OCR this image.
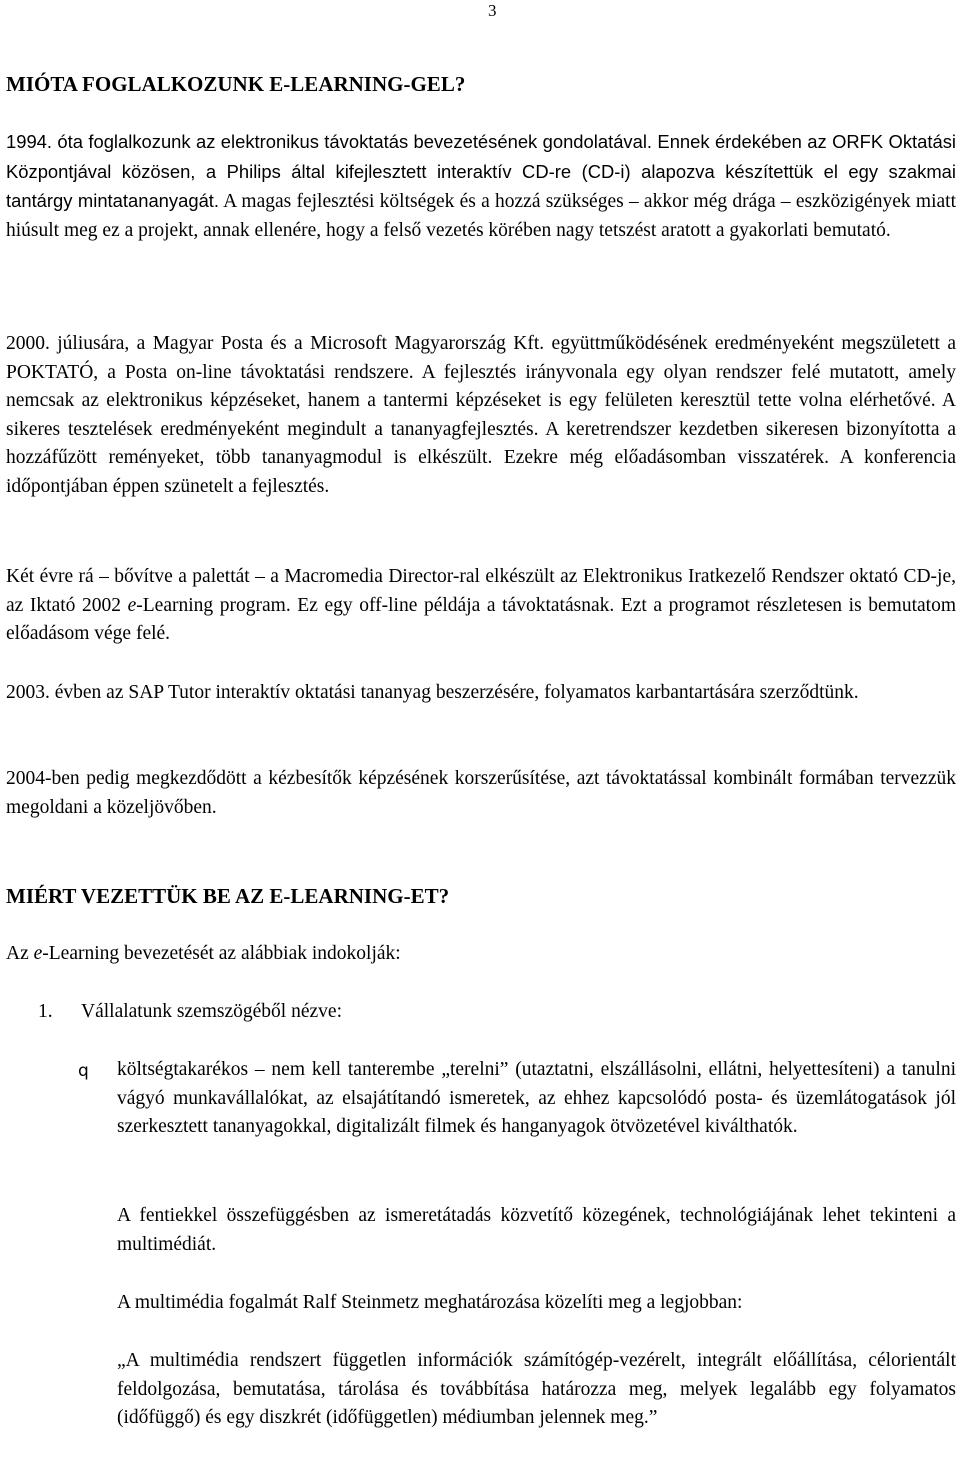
3
MIÓTA FOGLALKOZUNK E-LEARNING-GEL?

1994. óta foglalkozunk az elektronikus távoktatás bevezetésének gondolatával. Ennek érdekében az ORFK Oktatási Központjával közösen, a Philips által kifejlesztett interaktív CD-re (CD-i) alapozva készítettük el egy szakmai tantárgy mintatananyagát. A magas fejlesztési költségek és a hozzá szükséges – akkor még drága – eszközigények miatt hiúsult meg ez a projekt, annak ellenére, hogy a felső vezetés körében nagy tetszést aratott a gyakorlati bemutató.

2000. júliusára, a Magyar Posta és a Microsoft Magyarország Kft. együttműködésének eredményeként megszületett a POKTATÓ, a Posta on-line távoktatási rendszere. A fejlesztés irányvonala egy olyan rendszer felé mutatott, amely nemcsak az elektronikus képzéseket, hanem a tantermi képzéseket is egy felületen keresztül tette volna elérhetővé. A sikeres tesztelések eredményeként megindult a tananyagfejlesztés. A keretrendszer kezdetben sikeresen bizonyította a hozzáfűzött reményeket, több tananyagmodul is elkészült. Ezekre még előadásomban visszatérek. A konferencia időpontjában éppen szünetelt a fejlesztés.

Két évre rá – bővítve a palettát – a Macromedia Director-ral elkészült az Elektronikus Iratkezelő Rendszer oktató CD-je, az Iktató 2002 e-Learning program. Ez egy off-line példája a távoktatásnak. Ezt a programot részletesen is bemutatom előadásom vége felé.

2003. évben az SAP Tutor interaktív oktatási tananyag beszerzésére, folyamatos karbantartására szerződtünk.

2004-ben pedig megkezdődött a kézbesítők képzésének korszerűsítése, azt távoktatással kombinált formában tervezzük megoldani a közeljövőben.

MIÉRT VEZETTÜK BE AZ E-LEARNING-ET?

Az e-Learning bevezetését az alábbiak indokolják:

1. Vállalatunk szemszögéből nézve:
q költségtakarékos – nem kell tanterembe „terelni” (utaztatni, elszállásolni, ellátni, helyettesíteni) a tanulni vágyó munkavállalókat, az elsajátítandó ismeretek, az ehhez kapcsolódó posta- és üzemlátogatások jól szerkesztett tananyagokkal, digitalizált filmek és hanganyagok ötvözetével kiválthatók.

A fentiekkel összefüggésben az ismeretátadás közvetítő közegének, technológiájának lehet tekinteni a multimédiát.

A multimédia fogalmát Ralf Steinmetz meghatározása közelíti meg a legjobban:

„A multimédia rendszert független információk számítógép-vezérelt, integrált előállítása, célorientált feldolgozása, bemutatása, tárolása és továbbítása határozza meg, melyek legalább egy folyamatos (időfüggő) és egy diszkrét (időfüggetlen) médiumban jelennek meg.”
